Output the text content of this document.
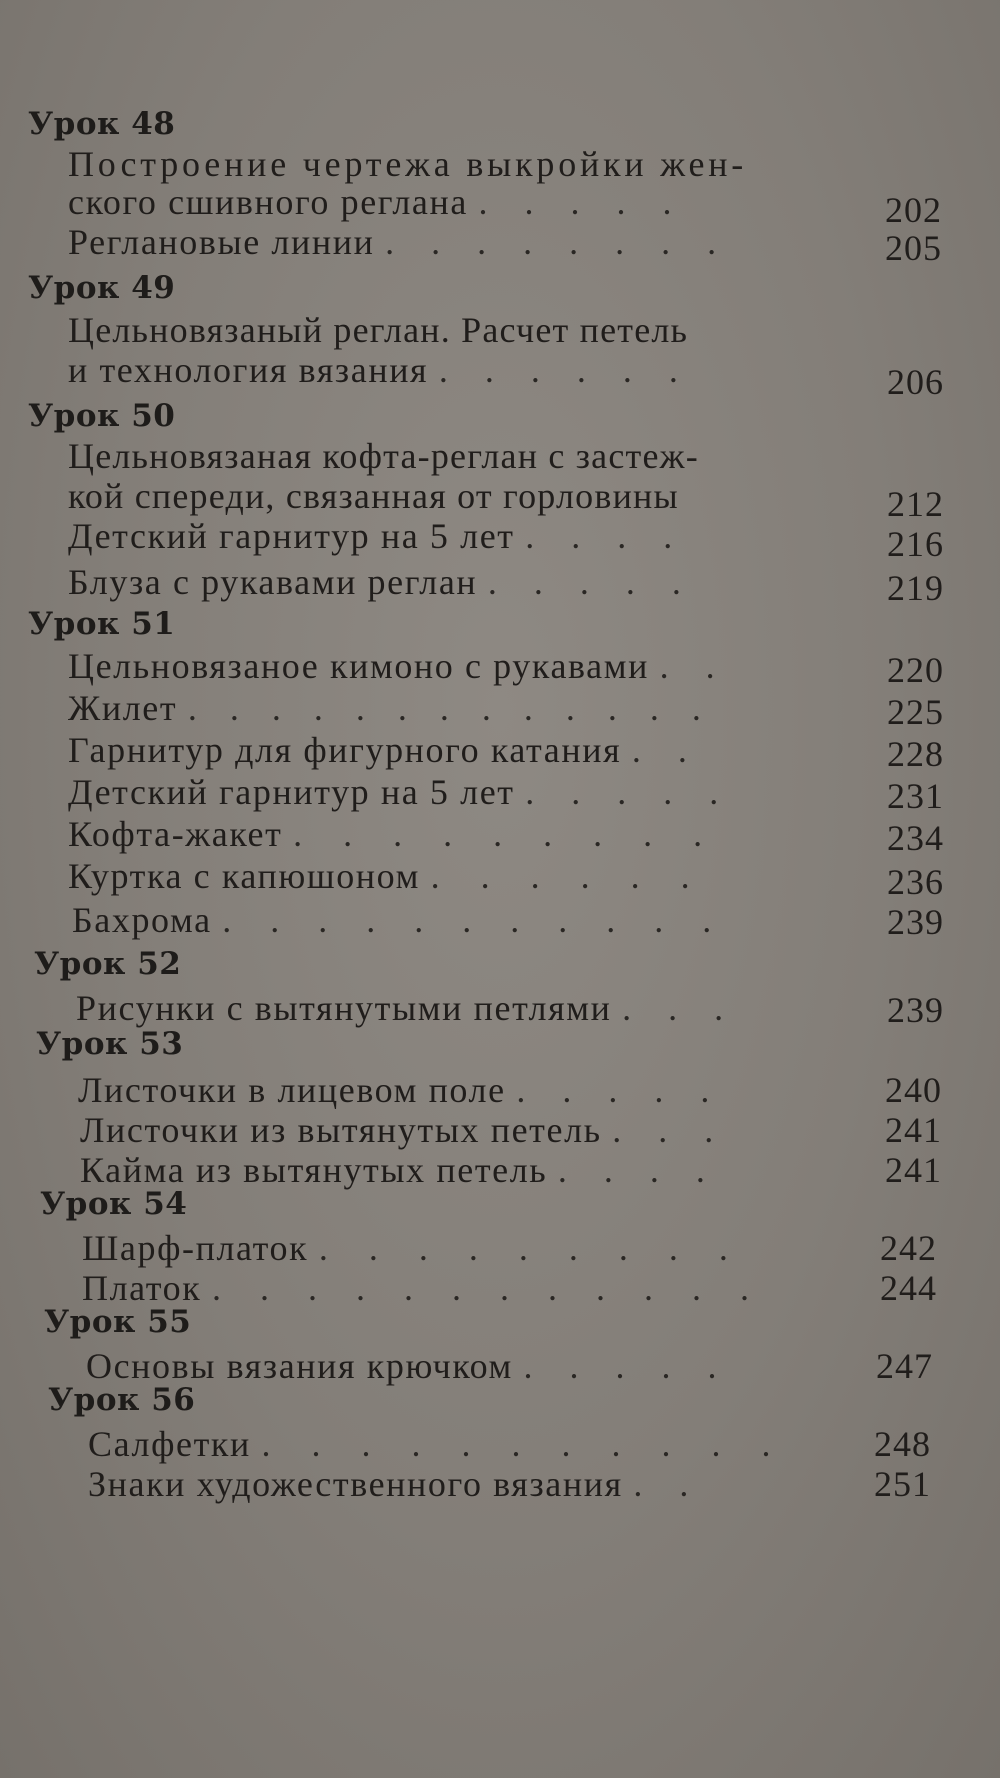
Урок 48
Построение чертежа выкройки жен-
ского сшивного реглана . . . . .	202
Реглановые линии . . . . . . . .	205
Урок 49
Цельновязаный реглан. Расчет петель
и технология вязания . . . . . .	206
Урок 50
Цельновязаная кофта-реглан с застеж-
кой спереди, связанная от горловины	212
Детский гарнитур на 5 лет . . . .	216
Блуза с рукавами реглан . . . . .	219
Урок 51
Цельновязаное кимоно с рукавами . .	220
Жилет . . . . . . . . . . . . .	225
Гарнитур для фигурного катания . .	228
Детский гарнитур на 5 лет . . . . .	231
Кофта-жакет . . . . . . . . .	234
Куртка с капюшоном . . . . . .	236
Бахрома . . . . . . . . . . .	239
Урок 52
Рисунки с вытянутыми петлями . . .	239
Урок 53
Листочки в лицевом поле . . . . .	240
Листочки из вытянутых петель . . .	241
Кайма из вытянутых петель . . . .	241
Урок 54
Шарф-платок . . . . . . . . .	242
Платок . . . . . . . . . . . .	244
Урок 55
Основы вязания крючком . . . . .	247
Урок 56
Салфетки . . . . . . . . . . . 248
Знаки художественного вязания . .	251
